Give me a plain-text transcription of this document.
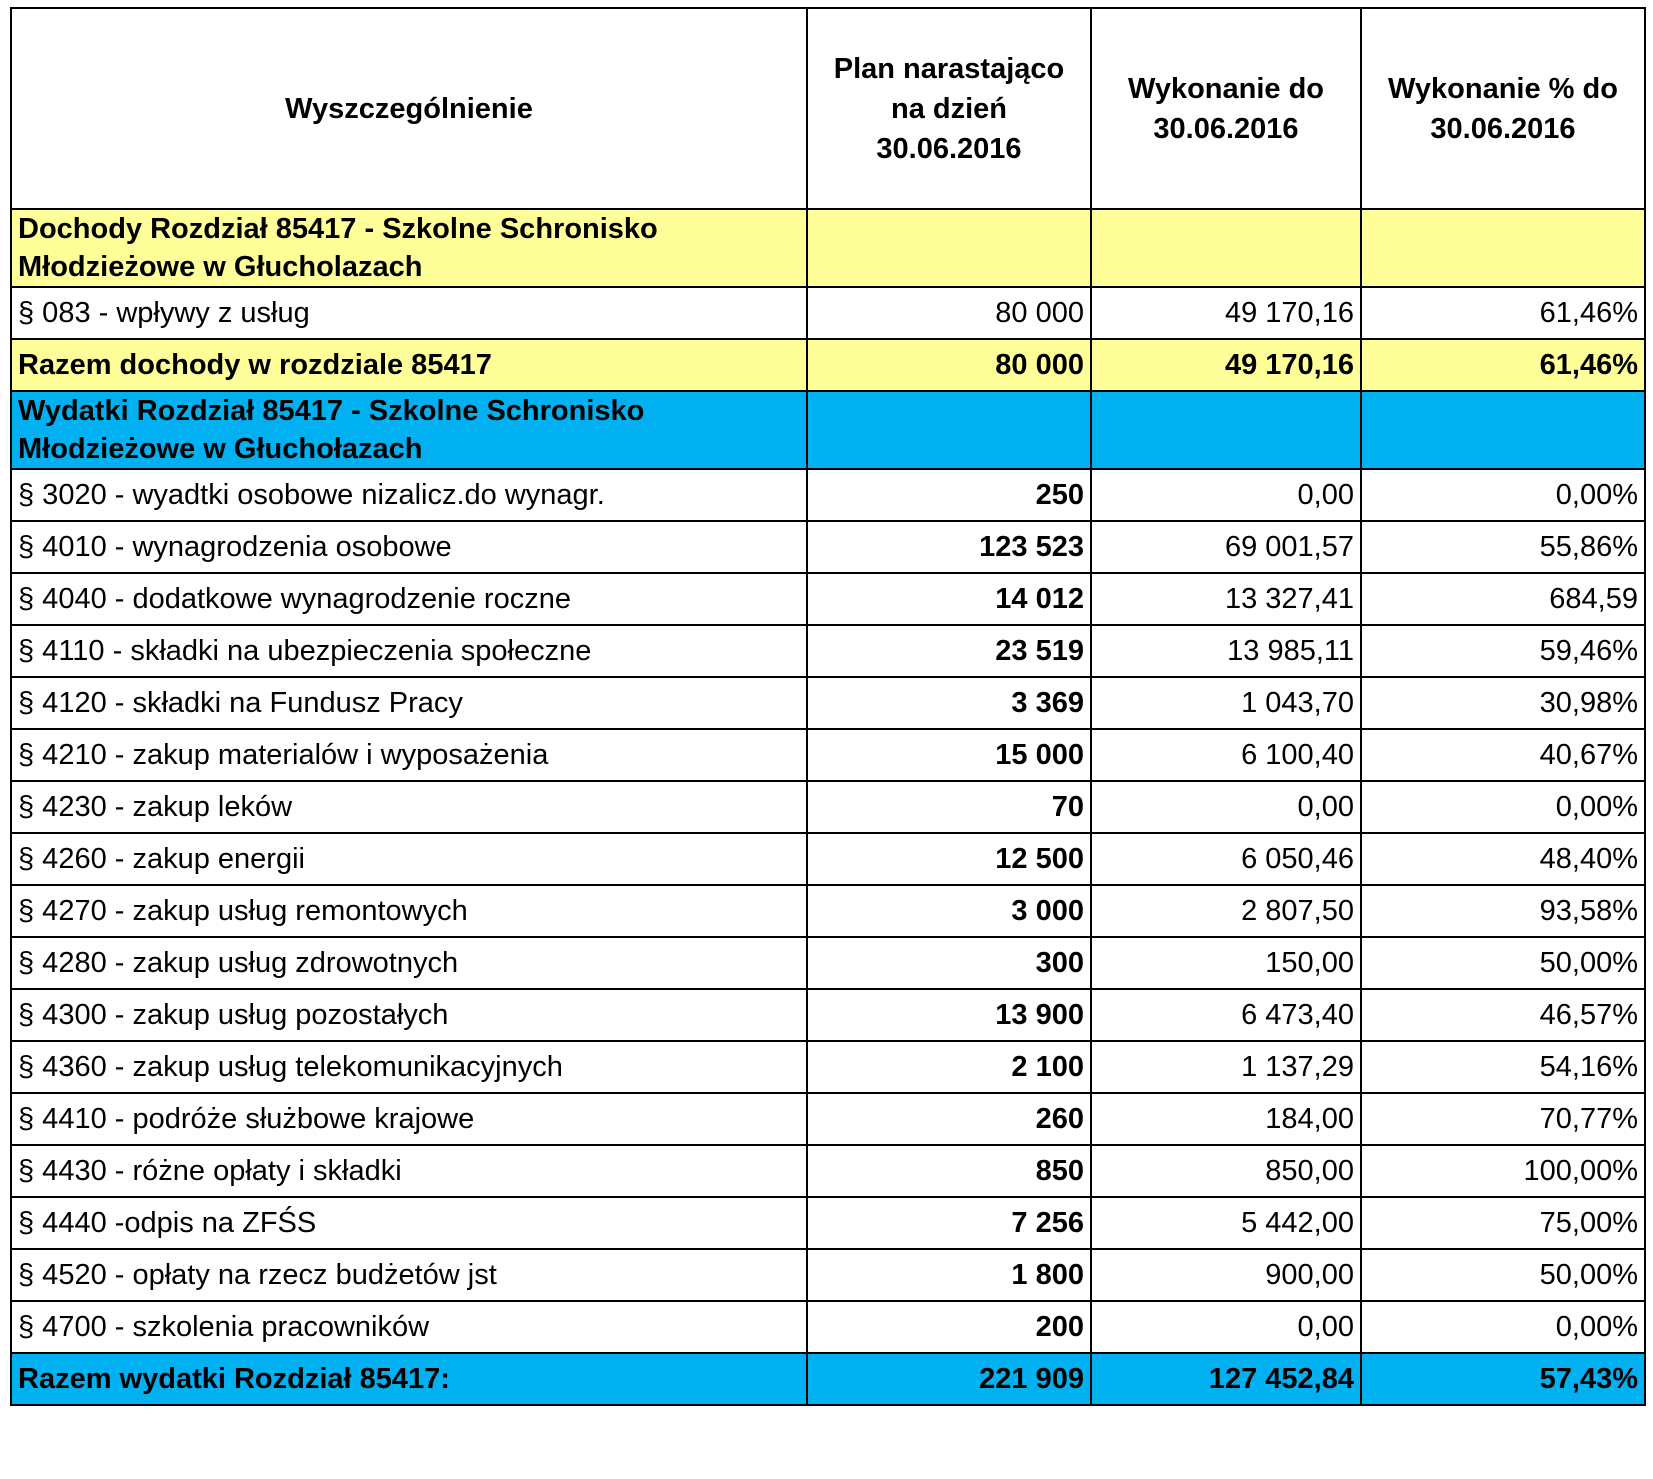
Wyszczególnienie	Plan narastająco na dzień 30.06.2016	Wykonanie do 30.06.2016	Wykonanie % do 30.06.2016
Dochody Rozdział 85417 - Szkolne Schronisko Młodzieżowe w Głucholazach			
§ 083 - wpływy z usług	80 000	49 170,16	61,46%
Razem dochody w rozdziale 85417	80 000	49 170,16	61,46%
Wydatki Rozdział 85417 - Szkolne Schronisko Młodzieżowe w Głuchołazach			
§ 3020 - wyadtki osobowe nizalicz.do wynagr.	250	0,00	0,00%
§ 4010 - wynagrodzenia osobowe	123 523	69 001,57	55,86%
§ 4040 - dodatkowe wynagrodzenie roczne	14 012	13 327,41	684,59
§ 4110 - składki na ubezpieczenia społeczne	23 519	13 985,11	59,46%
§ 4120 - składki na Fundusz Pracy	3 369	1 043,70	30,98%
§ 4210 - zakup materialów i wyposażenia	15 000	6 100,40	40,67%
§ 4230 - zakup leków	70	0,00	0,00%
§ 4260 - zakup energii	12 500	6 050,46	48,40%
§ 4270 - zakup usług remontowych	3 000	2 807,50	93,58%
§ 4280 - zakup usług zdrowotnych	300	150,00	50,00%
§ 4300 - zakup usług pozostałych	13 900	6 473,40	46,57%
§ 4360 - zakup usług telekomunikacyjnych	2 100	1 137,29	54,16%
§ 4410 - podróże służbowe krajowe	260	184,00	70,77%
§ 4430 - różne opłaty i składki	850	850,00	100,00%
§ 4440 -odpis na ZFŚS	7 256	5 442,00	75,00%
§ 4520 - opłaty na rzecz budżetów jst	1 800	900,00	50,00%
§ 4700 - szkolenia pracowników	200	0,00	0,00%
Razem wydatki Rozdział 85417:	221 909	127 452,84	57,43%
